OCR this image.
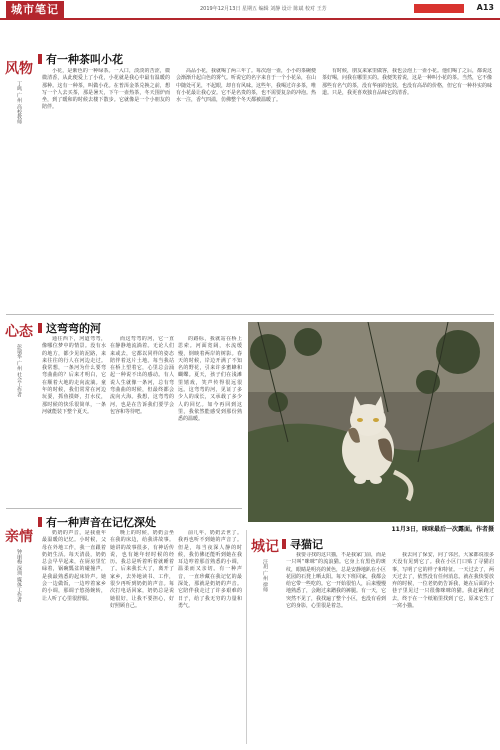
城市笔记	2019年12月13日 星期五 编辑 刘静 设计 陈斌 校对 王芳	A13
风物
丁鸣 广州 高校教师
有一种茶叫小花

小花，是紫色的一种绿茶。一入口，淡淡的苦涩，微微清香，从此便爱上了小花，小花就是我心中最有温暖的那种。这有一种茶，叫做小花。在普洱金茶兑换之前，想写一个人去买茶，那是暑天，下午一壶热茶，冬天围炉而坐，到了暖和的时候去楼下散步。它就像是一个小朋友的陪伴。

高品小花，我就喝了两三年了。每次泡一壶，小小的茶碗便会渐渐升起白色的雾气。听说它的名字来自于一个小花朵，在山中随处可见，不起眼，却自有风味。这些年，我喝过许多茶，唯有小花最让我心安。它不是名贵的茶，也不需要复杂的冲泡。热水一注，香气四溢，仿佛整个冬天都被温暖了。

有时候，朋友来家里做客，我也会泡上一壶小花。他们喝了之后，都说这茶好喝，问我在哪里买的。我便笑着说，这是一种叫小花的茶。当然，它不像那些有名气的茶，没有华丽的包装，也没有高昂的价格，但它有一种朴实的味道。只是，我更喜欢独自品味它的清香。

心态
彭瑞华 广州 社会工作者
这弯弯的河

通往西下，河道弯弯，像哪位梦中的情景。没有水的地方，都少见的泥路，来来往往的行人在河边走过。我常想，一条河为什么要弯弯曲曲的？后来才明白，它在顺着大地的走向流淌。童年的时候，我们常常在河边玩耍，抓鱼摸虾，打水仗，那时候的快乐很简单，一条河就能装下整个夏天。

而这弯弯的河，它一直在静静地流淌着。无论人们来或去，它都以同样的姿态陪伴着这片土地。每当我站在桥上望着它，心里总会涌起一种说不出的感动。有人说人生就像一条河，总有弯弯曲曲的时候，但最终都会流向大海。我想，这弯弯的河，也是在告诉我们要学会包容和等待吧。

的路标，我就站在桥上思索。河面宽阔，水流缓慢，倒映着两岸的树影。春天的时候，岸边开满了不知名的野花，引来许多蜜蜂和蝴蝶。夏天，孩子们在浅滩里嬉戏，笑声传得很远很远。这弯弯的河，见证了多少人的成长，又承载了多少人的回忆。如今再回到这里，我依然能感受到那份熟悉的温暖。

11月3日，咪咪最后一次露面。作者摄
城记
汪玥 广州 律师
寻猫记

我要寻找的这只猫，不是我家门前，而是一只叫“咪咪”的流浪猫。它身上有黑色的斑纹，眼睛是明亮的黄色，总是安静地趴在小区花园的石凳上晒太阳。每天下班回家，我都会给它带一些吃的。它一开始很怕人，后来慢慢地熟悉了，会跑过来蹭我的裤腿。有一天，它突然不见了，我找遍了整个小区，也没有看到它的身影，心里很是着急。

我去问了保安，问了邻居，大家都说很多天没有见到它了。我在小区门口贴了寻猫启事，写明了它的样子和特征。一天过去了，两天过去了，依然没有任何消息。就在我快要放弃的时候，一位老奶奶告诉我，她在后面的小巷子里见过一只很像咪咪的猫。我赶紧跑过去，终于在一个纸箱里找到了它，原来它生了一窝小猫。

亲情
钟丽梅 深圳 媒体工作者
有一种声音在记忆深处

奶奶的声音，是我童年最温暖的记忆。小时候，父母在外地工作，我一直跟着奶奶生活。每天清晨，奶奶总会早早起来，在厨房里忙碌着，锅碗瓢盆的碰撞声，是我最熟悉的起床铃声。她会一边做饭，一边哼着家乡的小调，那调子悠扬婉转，让人听了心里很舒服。

晚上的时候，奶奶会坐在我的床边，给我讲故事。她讲的故事很多，有神话传说，也有她年轻时候的经历。我总是听着听着就睡着了。后来我长大了，离开了家乡，去外地读书、工作，很少再听到奶奶的声音。每次打电话回家，奶奶总是说她很好，让我不要担心，好好照顾自己。

前几年，奶奶去世了。我再也听不到她的声音了。但是，每当夜深人静的时候，我仿佛还能听到她在我耳边哼着那首熟悉的小调，温柔而又亲切。有一种声音，一直珍藏在我记忆的最深处，那就是奶奶的声音。它陪伴我走过了许多艰难的日子，给了我无穷的力量和勇气。
